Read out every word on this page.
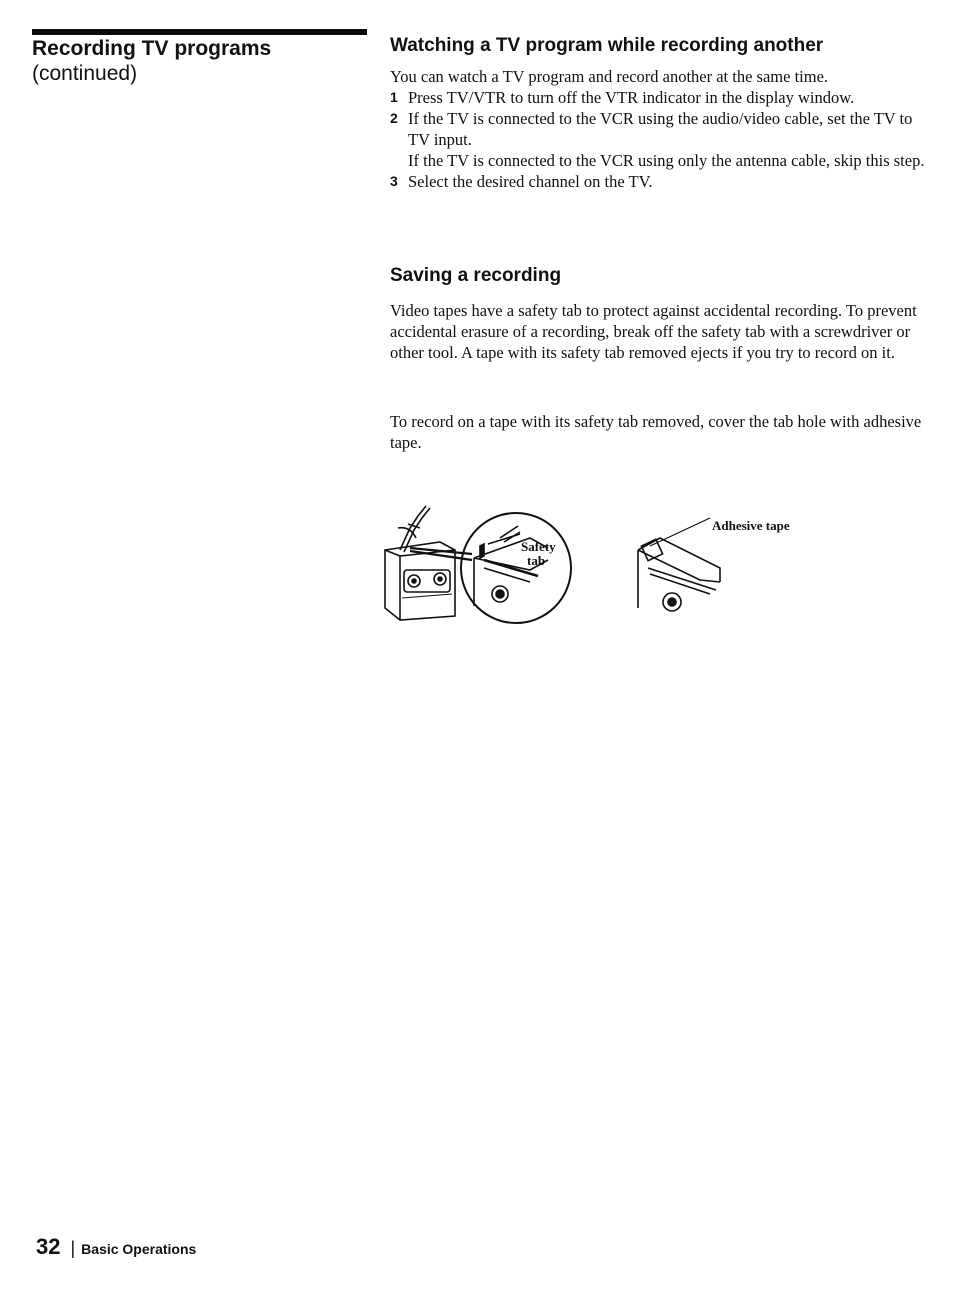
Recording TV programs
(continued)
Watching a TV program while recording another
You can watch a TV program and record another at the same time.
1 Press TV/VTR to turn off the VTR indicator in the display window.
2 If the TV is connected to the VCR using the audio/video cable, set the TV to TV input.
If the TV is connected to the VCR using only the antenna cable, skip this step.
3 Select the desired channel on the TV.
Saving a recording
Video tapes have a safety tab to protect against accidental recording. To prevent accidental erasure of a recording, break off the safety tab with a screwdriver or other tool. A tape with its safety tab removed ejects if you try to record on it.
To record on a tape with its safety tab removed, cover the tab hole with adhesive tape.
Safety
tab
Adhesive tape
32 | Basic Operations
